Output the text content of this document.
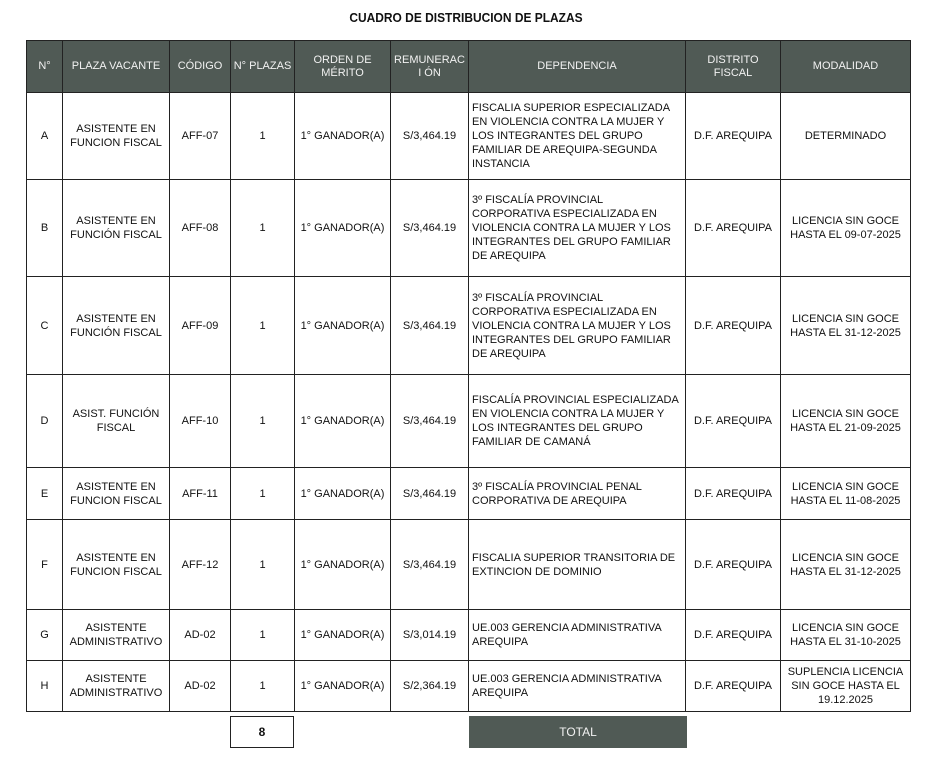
CUADRO DE DISTRIBUCION DE PLAZAS
N°	PLAZA VACANTE	CÓDIGO	N° PLAZAS	ORDEN DE MÉRITO	REMUNERACI ÓN	DEPENDENCIA	DISTRITO FISCAL	MODALIDAD
A	ASISTENTE EN FUNCION FISCAL	AFF-07	1	1° GANADOR(A)	S/3,464.19	FISCALIA SUPERIOR ESPECIALIZADA EN VIOLENCIA CONTRA LA MUJER Y LOS INTEGRANTES DEL GRUPO FAMILIAR DE AREQUIPA-SEGUNDA INSTANCIA	D.F. AREQUIPA	DETERMINADO
B	ASISTENTE EN FUNCIÓN FISCAL	AFF-08	1	1° GANADOR(A)	S/3,464.19	3º FISCALÍA PROVINCIAL CORPORATIVA ESPECIALIZADA EN VIOLENCIA CONTRA LA MUJER Y LOS INTEGRANTES DEL GRUPO FAMILIAR DE AREQUIPA	D.F. AREQUIPA	LICENCIA SIN GOCE HASTA EL 09-07-2025
C	ASISTENTE EN FUNCIÓN FISCAL	AFF-09	1	1° GANADOR(A)	S/3,464.19	3º FISCALÍA PROVINCIAL CORPORATIVA ESPECIALIZADA EN VIOLENCIA CONTRA LA MUJER Y LOS INTEGRANTES DEL GRUPO FAMILIAR DE AREQUIPA	D.F. AREQUIPA	LICENCIA SIN GOCE HASTA EL 31-12-2025
D	ASIST. FUNCIÓN FISCAL	AFF-10	1	1° GANADOR(A)	S/3,464.19	FISCALÍA PROVINCIAL ESPECIALIZADA EN VIOLENCIA CONTRA LA MUJER Y LOS INTEGRANTES DEL GRUPO FAMILIAR DE CAMANÁ	D.F. AREQUIPA	LICENCIA SIN GOCE HASTA EL 21-09-2025
E	ASISTENTE EN FUNCION FISCAL	AFF-11	1	1° GANADOR(A)	S/3,464.19	3º FISCALÍA PROVINCIAL PENAL CORPORATIVA DE AREQUIPA	D.F. AREQUIPA	LICENCIA SIN GOCE HASTA EL 11-08-2025
F	ASISTENTE EN FUNCION FISCAL	AFF-12	1	1° GANADOR(A)	S/3,464.19	FISCALIA SUPERIOR TRANSITORIA DE EXTINCION DE DOMINIO	D.F. AREQUIPA	LICENCIA SIN GOCE HASTA EL 31-12-2025
G	ASISTENTE ADMINISTRATIVO	AD-02	1	1° GANADOR(A)	S/3,014.19	UE.003 GERENCIA ADMINISTRATIVA AREQUIPA	D.F. AREQUIPA	LICENCIA SIN GOCE HASTA EL 31-10-2025
H	ASISTENTE ADMINISTRATIVO	AD-02	1	1° GANADOR(A)	S/2,364.19	UE.003 GERENCIA ADMINISTRATIVA AREQUIPA	D.F. AREQUIPA	SUPLENCIA LICENCIA SIN GOCE HASTA EL 19.12.2025
8	TOTAL
